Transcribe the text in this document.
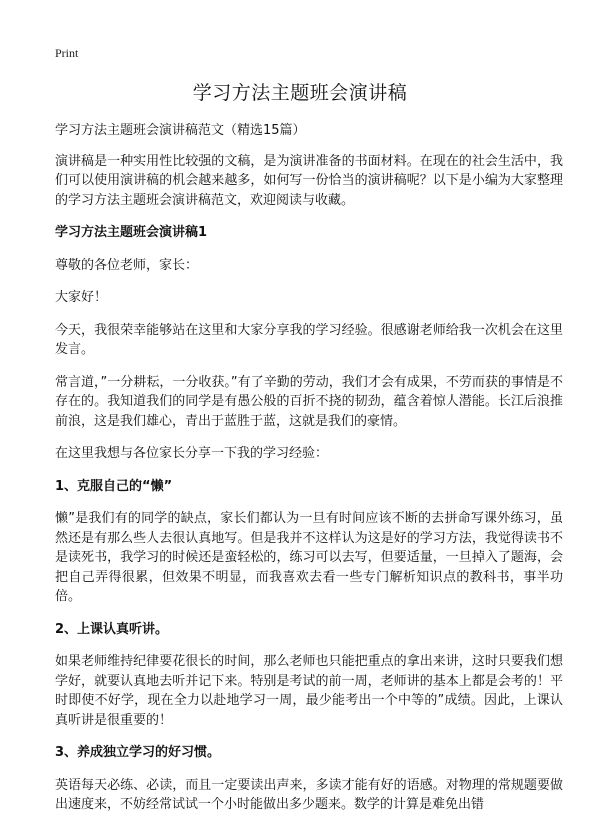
Print
学习方法主题班会演讲稿

学习方法主题班会演讲稿范文（精选15篇）

演讲稿是一种实用性比较强的文稿，是为演讲准备的书面材料。在现在的社会生活中，我们可以使用演讲稿的机会越来越多，如何写一份恰当的演讲稿呢？以下是小编为大家整理的学习方法主题班会演讲稿范文，欢迎阅读与收藏。

学习方法主题班会演讲稿1

尊敬的各位老师，家长：

大家好！

今天，我很荣幸能够站在这里和大家分享我的学习经验。很感谢老师给我一次机会在这里发言。

常言道，”一分耕耘，一分收获。”有了辛勤的劳动，我们才会有成果，不劳而获的事情是不存在的。我知道我们的同学是有愚公般的百折不挠的韧劲，蕴含着惊人潜能。长江后浪推前浪，这是我们雄心，青出于蓝胜于蓝，这就是我们的豪情。

在这里我想与各位家长分享一下我的学习经验：

1、克服自己的“懒”

懒”是我们有的同学的缺点，家长们都认为一旦有时间应该不断的去拼命写课外练习，虽然还是有那么些人去很认真地写。但是我并不这样认为这是好的学习方法，我觉得读书不是读死书，我学习的时候还是蛮轻松的，练习可以去写，但要适量，一旦掉入了题海，会把自己弄得很累，但效果不明显，而我喜欢去看一些专门解析知识点的教科书，事半功倍。

2、上课认真听讲。

如果老师维持纪律要花很长的时间，那么老师也只能把重点的拿出来讲，这时只要我们想学好，就要认真地去听并记下来。特别是考试的前一周，老师讲的基本上都是会考的！平时即使不好学，现在全力以赴地学习一周，最少能考出一个中等的”成绩。因此，上课认真听讲是很重要的！

3、养成独立学习的好习惯。

英语每天必练、必读，而且一定要读出声来，多读才能有好的语感。对物理的常规题要做出速度来，不妨经常试试一个小时能做出多少题来。数学的计算是难免出错
